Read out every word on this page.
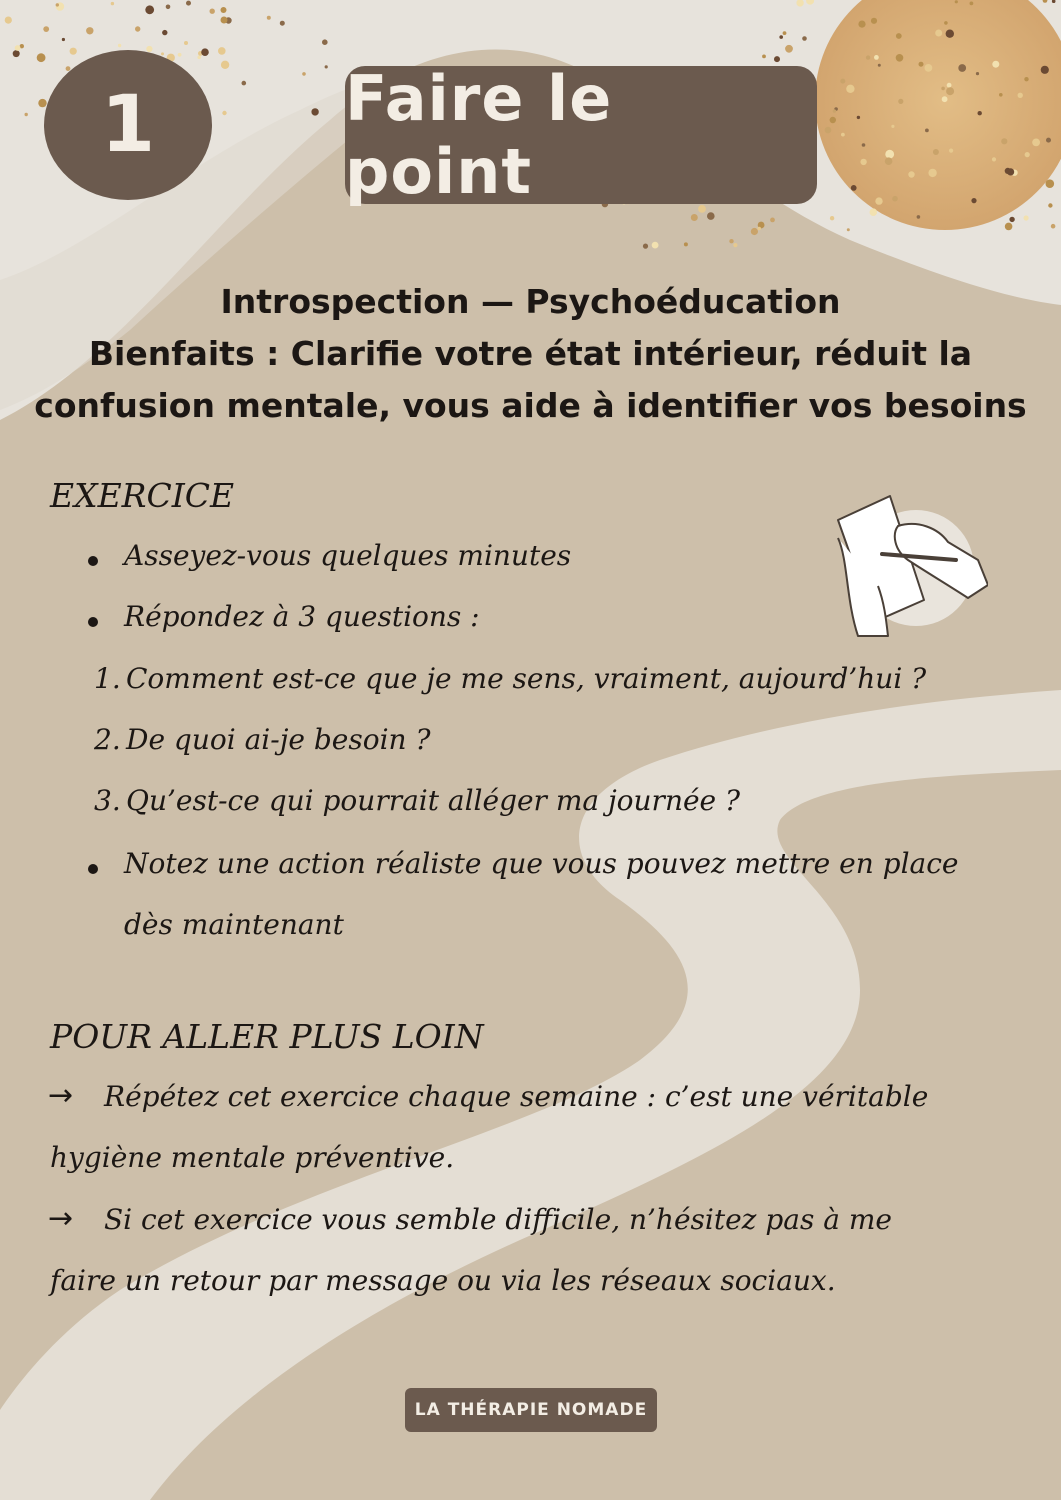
1	Faire le point
Introspection — Psychoéducation
Bienfaits : Clarifie votre état intérieur, réduit la
confusion mentale, vous aide à identifier vos besoins
EXERCICE
Asseyez-vous quelques minutes
Répondez à 3 questions :
1. Comment est-ce que je me sens, vraiment, aujourd’hui ?
2. De quoi ai-je besoin ?
3. Qu’est-ce qui pourrait alléger ma journée ?
Notez une action réaliste que vous pouvez mettre en place
dès maintenant
POUR ALLER PLUS LOIN
→ Répétez cet exercice chaque semaine : c’est une véritable
hygiène mentale préventive.
→ Si cet exercice vous semble difficile, n’hésitez pas à me
faire un retour par message ou via les réseaux sociaux.
LA THÉRAPIE NOMADE
